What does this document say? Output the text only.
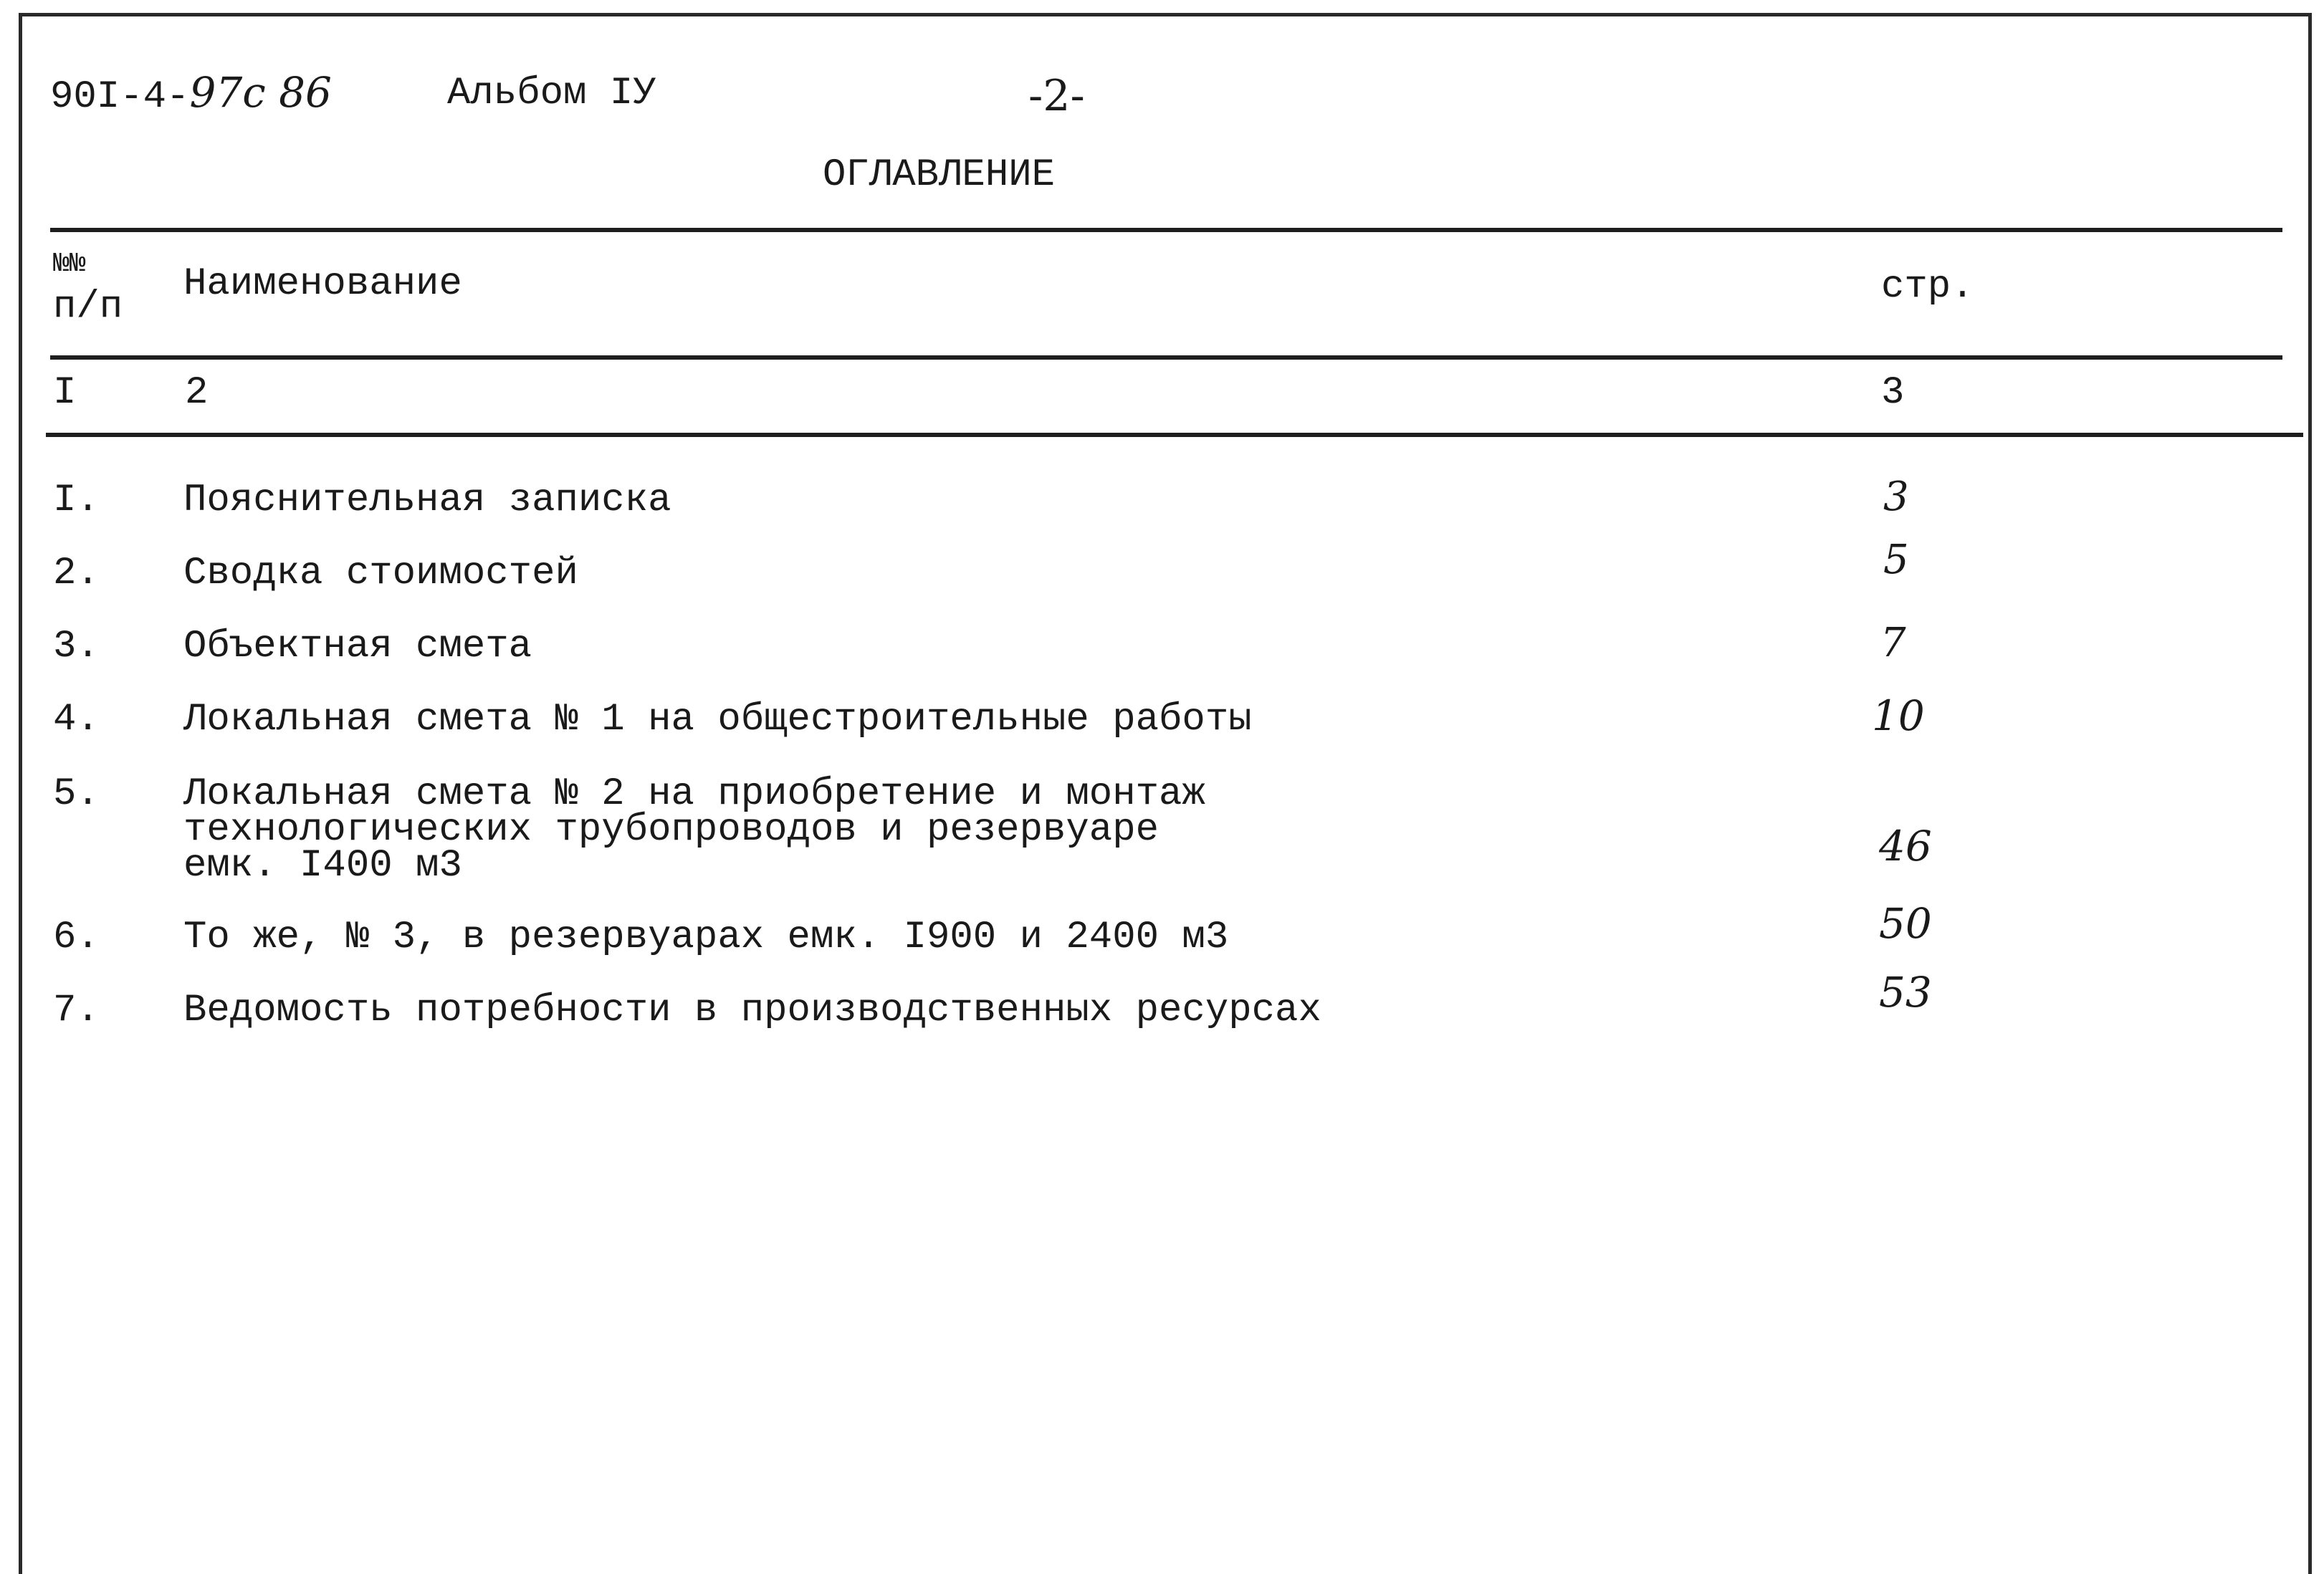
90I-4-97c 86	Альбом IУ	-2-
ОГЛАВЛЕНИЕ
№№
п/п
Наименование	стр.
I	2	3
I. Пояснительная записка	3
2. Сводка стоимостей	5
3. Объектная смета	7
4. Локальная смета № 1 на общестроительные работы	10
5. Локальная смета № 2 на приобретение и монтаж
технологических трубопроводов и резервуаре
емк. I400 м3	46
6. То же, № 3, в резервуарах емк. I900 и 2400 м3	50
7. Ведомость потребности в производственных ресурсах	53
